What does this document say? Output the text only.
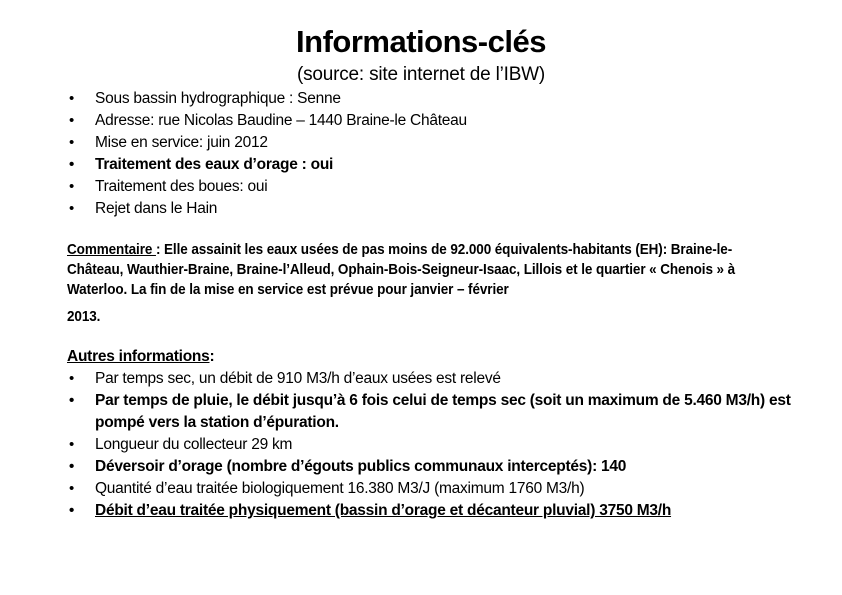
Informations-clés
(source: site internet de l’IBW)
• Sous bassin hydrographique : Senne
• Adresse: rue Nicolas Baudine – 1440 Braine-le Château
• Mise en service: juin 2012
• Traitement des eaux d’orage : oui
• Traitement des boues: oui
• Rejet dans le Hain

Commentaire : Elle assainit les eaux usées de pas moins de 92.000 équivalents-habitants (EH): Braine-le-Château, Wauthier-Braine, Braine-l’Alleud, Ophain-Bois-Seigneur-Isaac, Lillois et le quartier « Chenois » à Waterloo. La fin de la mise en service est prévue pour janvier – février
2013.

Autres informations:

• Par temps sec, un débit de 910 M3/h d’eaux usées est relevé
• Par temps de pluie, le débit jusqu’à 6 fois celui de temps sec (soit un maximum de 5.460 M3/h) est pompé vers la station d’épuration.
• Longueur du collecteur 29 km
• Déversoir d’orage (nombre d’égouts publics communaux interceptés): 140
• Quantité d’eau traitée biologiquement 16.380 M3/J (maximum 1760 M3/h)
• Débit d’eau traitée physiquement (bassin d’orage et décanteur pluvial) 3750 M3/h
